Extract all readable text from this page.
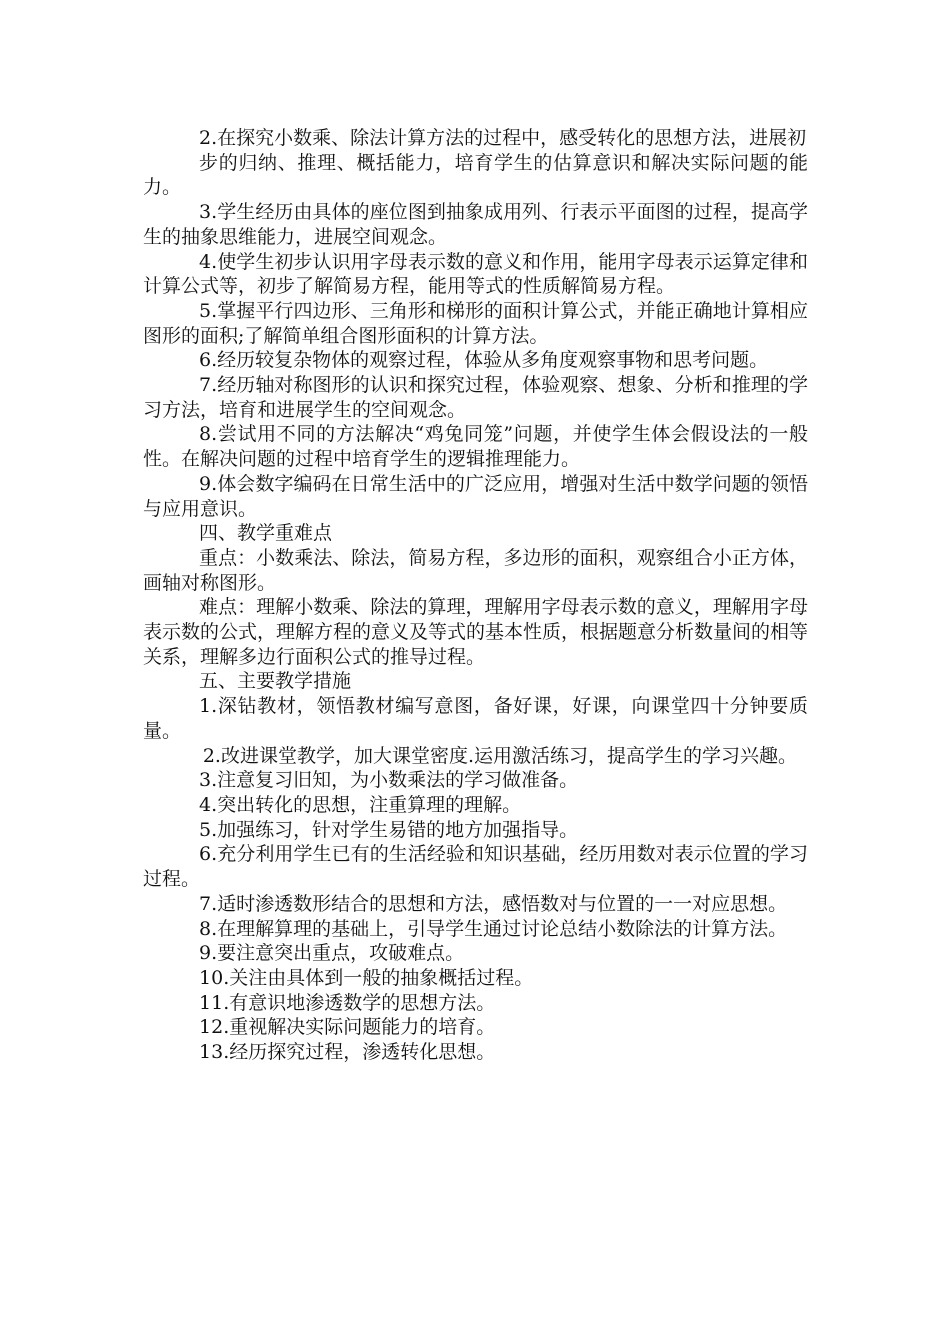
2.在探究小数乘、除法计算方法的过程中，感受转化的思想方法，进展初

步的归纳、推理、概括能力，培育学生的估算意识和解决实际问题的能力。

3.学生经历由具体的座位图到抽象成用列、行表示平面图的过程，提高学生的抽象思维能力，进展空间观念。

4.使学生初步认识用字母表示数的意义和作用，能用字母表示运算定律和计算公式等，初步了解简易方程，能用等式的性质解简易方程。

5.掌握平行四边形、三角形和梯形的面积计算公式，并能正确地计算相应图形的面积;了解简单组合图形面积的计算方法。

6.经历较复杂物体的观察过程，体验从多角度观察事物和思考问题。

7.经历轴对称图形的认识和探究过程，体验观察、想象、分析和推理的学习方法，培育和进展学生的空间观念。

8.尝试用不同的方法解决“鸡兔同笼”问题，并使学生体会假设法的一般性。在解决问题的过程中培育学生的逻辑推理能力。

9.体会数字编码在日常生活中的广泛应用，增强对生活中数学问题的领悟与应用意识。

四、教学重难点

重点：小数乘法、除法，简易方程，多边形的面积，观察组合小正方体，画轴对称图形。

难点：理解小数乘、除法的算理，理解用字母表示数的意义，理解用字母表示数的公式，理解方程的意义及等式的基本性质，根据题意分析数量间的相等关系，理解多边行面积公式的推导过程。

五、主要教学措施

1.深钻教材，领悟教材编写意图，备好课，好课，向课堂四十分钟要质量。

2.改进课堂教学，加大课堂密度.运用激活练习，提高学生的学习兴趣。

3.注意复习旧知，为小数乘法的学习做准备。

4.突出转化的思想，注重算理的理解。

5.加强练习，针对学生易错的地方加强指导。

6.充分利用学生已有的生活经验和知识基础，经历用数对表示位置的学习过程。

7.适时渗透数形结合的思想和方法，感悟数对与位置的一一对应思想。

8.在理解算理的基础上，引导学生通过讨论总结小数除法的计算方法。

9.要注意突出重点，攻破难点。

10.关注由具体到一般的抽象概括过程。

11.有意识地渗透数学的思想方法。

12.重视解决实际问题能力的培育。

13.经历探究过程，渗透转化思想。
